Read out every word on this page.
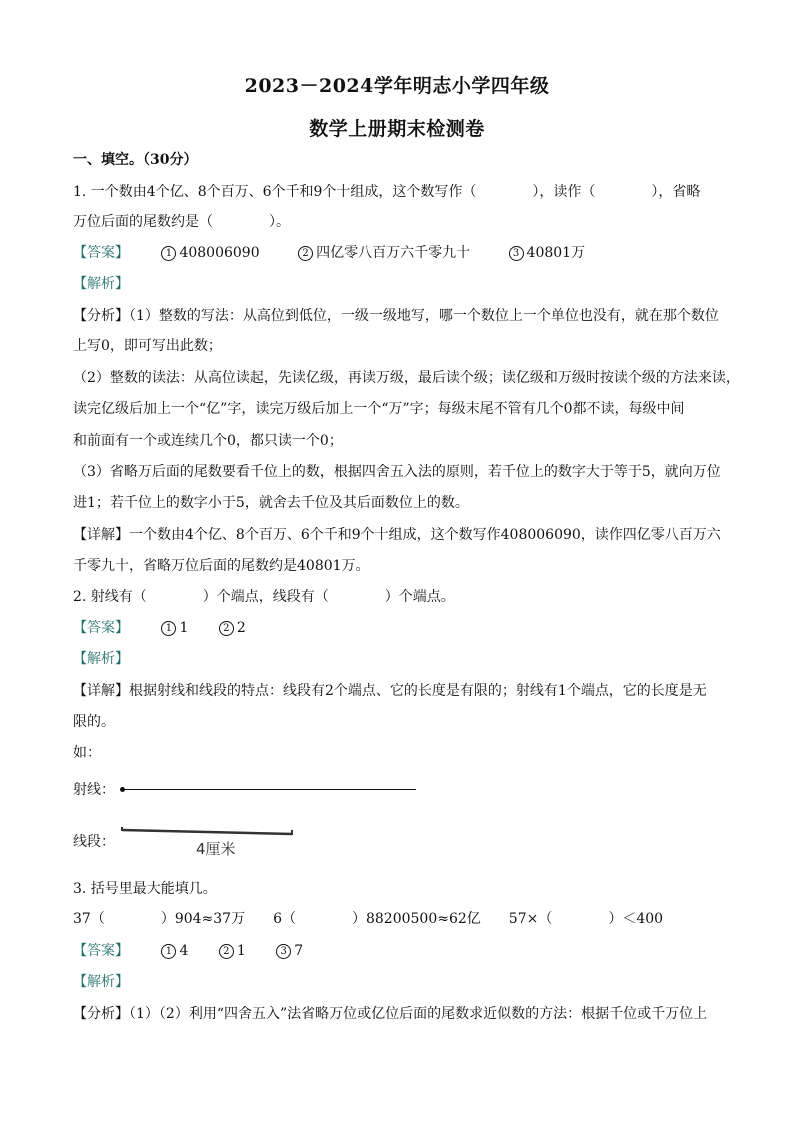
2023－2024学年明志小学四年级
数学上册期末检测卷
一、填空。（30分）
1. 一个数由4个亿、8个百万、6个千和9个十组成，这个数写作（　　　　），读作（　　　　），省略
万位后面的尾数约是（　　　　）。
【答案】	1 408006090	2 四亿零八百万六千零九十	3 40801万
【解析】
【分析】（1）整数的写法：从高位到低位，一级一级地写，哪一个数位上一个单位也没有，就在那个数位
上写0，即可写出此数；
（2）整数的读法：从高位读起，先读亿级，再读万级，最后读个级；读亿级和万级时按读个级的方法来读，
读完亿级后加上一个“亿”字，读完万级后加上一个“万”字；每级末尾不管有几个0都不读，每级中间
和前面有一个或连续几个0，都只读一个0；
（3）省略万后面的尾数要看千位上的数，根据四舍五入法的原则，若千位上的数字大于等于5，就向万位
进1；若千位上的数字小于5，就舍去千位及其后面数位上的数。
【详解】一个数由4个亿、8个百万、6个千和9个十组成，这个数写作408006090，读作四亿零八百万六
千零九十，省略万位后面的尾数约是40801万。
2. 射线有（　　　　）个端点，线段有（　　　　）个端点。
【答案】	1 1	2 2
【解析】
【详解】根据射线和线段的特点：线段有2个端点、它的长度是有限的；射线有1个端点，它的长度是无
限的。
如：
射线：
线段：	4厘米
3. 括号里最大能填几。
37（　　　　）904≈37万　　6（　　　　）88200500≈62亿　　57×（　　　　）＜400
【答案】	1 4	2 1	3 7
【解析】
【分析】（1）（2）利用“四舍五入”法省略万位或亿位后面的尾数求近似数的方法：根据千位或千万位上
